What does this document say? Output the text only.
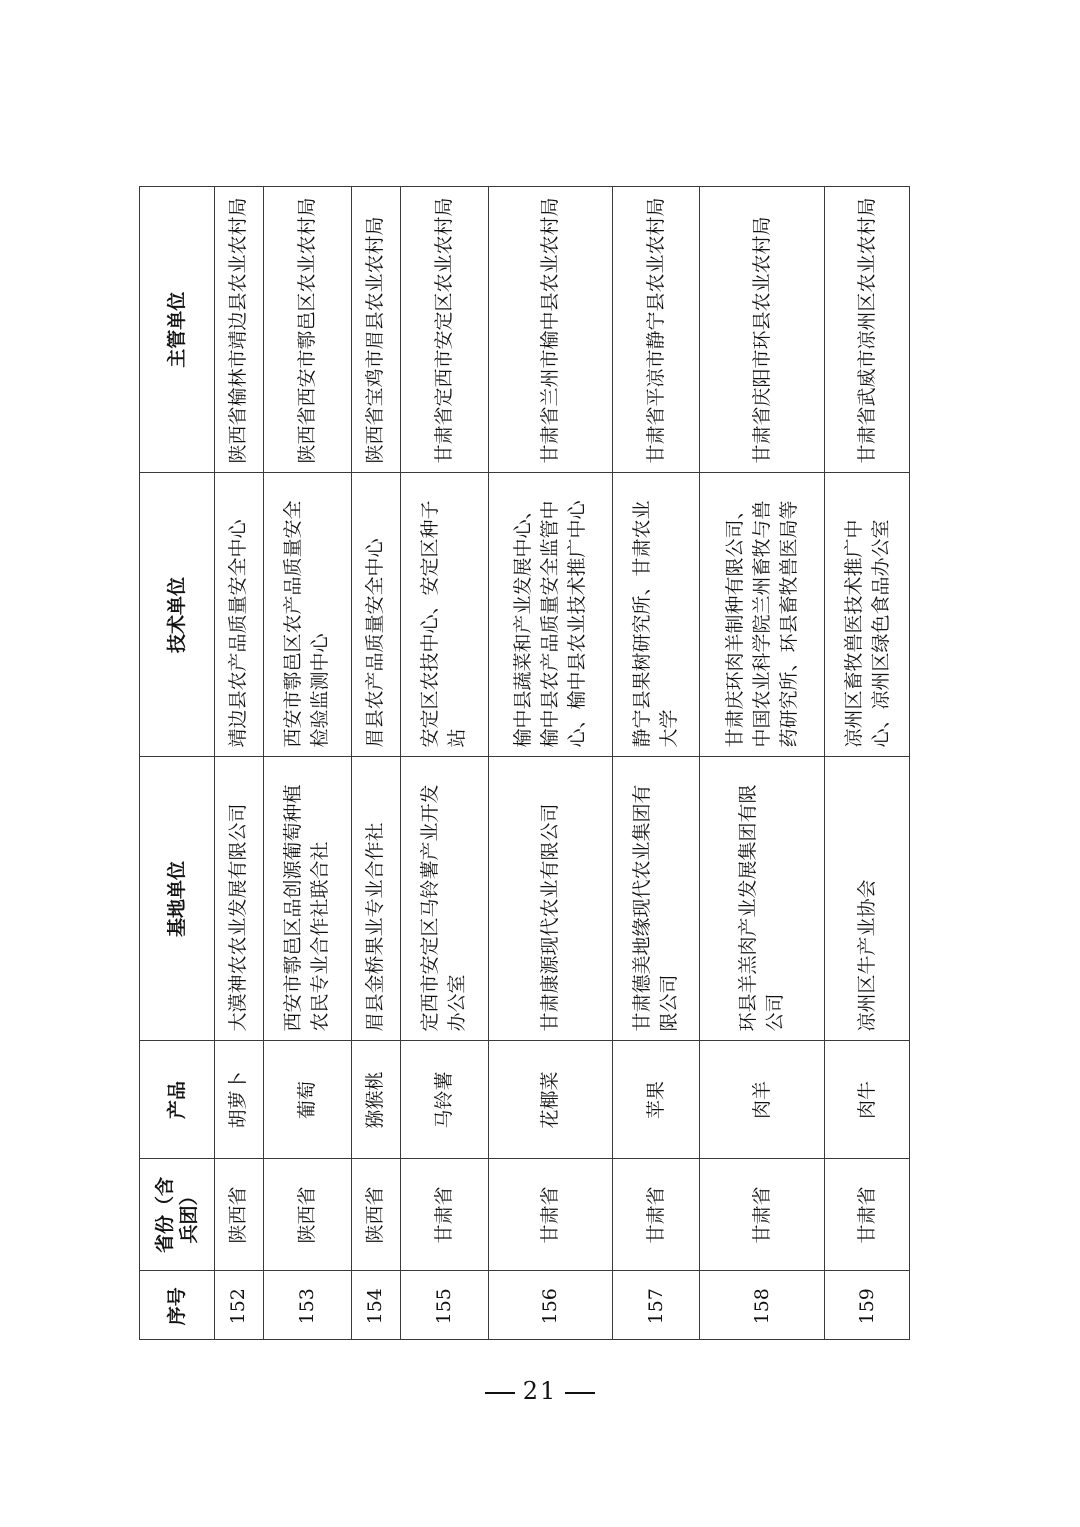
序号	省份（含兵团）	产品	基地单位	技术单位	主管单位
152	陕西省	胡萝卜	大漠神农农业发展有限公司	靖边县农产品质量安全中心	陕西省榆林市靖边县农业农村局
153	陕西省	葡萄	西安市鄠邑区品创源葡萄种植农民专业合作社联合社	西安市鄠邑区农产品质量安全检验监测中心	陕西省西安市鄠邑区农业农村局
154	陕西省	猕猴桃	眉县金桥果业专业合作社	眉县农产品质量安全中心	陕西省宝鸡市眉县农业农村局
155	甘肃省	马铃薯	定西市安定区马铃薯产业开发办公室	安定区农技中心、安定区种子站	甘肃省定西市安定区农业农村局
156	甘肃省	花椰菜	甘肃康源现代农业有限公司	榆中县蔬菜和产业发展中心、榆中县农产品质量安全监管中心、榆中县农业技术推广中心	甘肃省兰州市榆中县农业农村局
157	甘肃省	苹果	甘肃德美地缘现代农业集团有限公司	静宁县果树研究所、甘肃农业大学	甘肃省平凉市静宁县农业农村局
158	甘肃省	肉羊	环县羊羔肉产业发展集团有限公司	甘肃庆环肉羊制种有限公司、中国农业科学院兰州畜牧与兽药研究所、环县畜牧兽医局等	甘肃省庆阳市环县农业农村局
159	甘肃省	肉牛	凉州区牛产业协会	凉州区畜牧兽医技术推广中心、凉州区绿色食品办公室	甘肃省武威市凉州区农业农村局
21
